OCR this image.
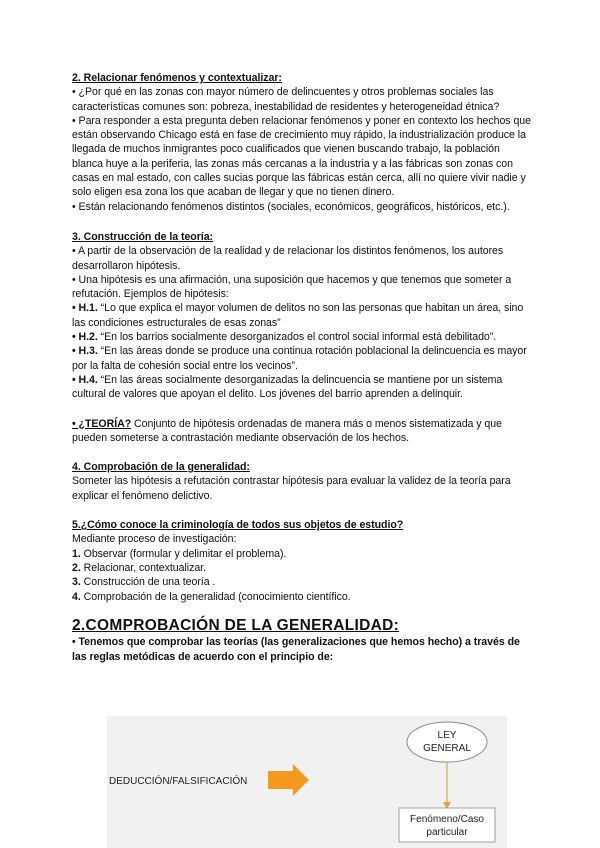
2. Relacionar fenómenos y contextualizar:

• ¿Por qué en las zonas con mayor número de delincuentes y otros problemas sociales las características comunes son: pobreza, inestabilidad de residentes y heterogeneidad étnica?

• Para responder a esta pregunta deben relacionar fenómenos y poner en contexto los hechos que están observando Chicago está en fase de crecimiento muy rápido, la industrialización produce la llegada de muchos inmigrantes poco cualificados que vienen buscando trabajo, la población blanca huye a la periferia, las zonas más cercanas a la industria y a las fábricas son zonas con casas en mal estado, con calles sucias porque las fábricas están cerca, allí no quiere vivir nadie y solo eligen esa zona los que acaban de llegar y que no tienen dinero.

• Están relacionando fenómenos distintos (sociales, económicos, geográficos, históricos, etc.).

3. Construcción de la teoría:

• A partir de la observación de la realidad y de relacionar los distintos fenómenos, los autores desarrollaron hipótesis.

• Una hipótesis es una afirmación, una suposición que hacemos y que tenemos que someter a refutación. Ejemplos de hipótesis:

• H.1. “Lo que explica el mayor volumen de delitos no son las personas que habitan un área, sino las condiciones estructurales de esas zonas”

• H.2. “En los barrios socialmente desorganizados el control social informal está debilitado”.

• H.3. “En las áreas donde se produce una continua rotación poblacional la delincuencia es mayor por la falta de cohesión social entre los vecinos”.

• H.4. “En las áreas socialmente desorganizadas la delincuencia se mantiene por un sistema cultural de valores que apoyan el delito. Los jóvenes del barrio aprenden a delinquir.

• ¿TEORÍA? Conjunto de hipótesis ordenadas de manera más o menos sistematizada y que pueden someterse a contrastación mediante observación de los hechos.

4. Comprobación de la generalidad:

Someter las hipótesis a refutación contrastar hipótesis para evaluar la validez de la teoría para explicar el fenómeno delictivo.

5.¿Cómo conoce la criminología de todos sus objetos de estudio?

Mediante proceso de investigación:

1. Observar (formular y delimitar el problema).

2. Relacionar, contextualizar.

3. Construcción de una teoría .

4. Comprobación de la generalidad (conocimiento científico.

2.COMPROBACIÓN DE LA GENERALIDAD:

• Tenemos que comprobar las teorías (las generalizaciones que hemos hecho) a través de las reglas metódicas de acuerdo con el principio de:

DEDUCCIÓN/FALSIFICACIÓN
LEY
GENERAL
Fenómeno/Caso
particular
